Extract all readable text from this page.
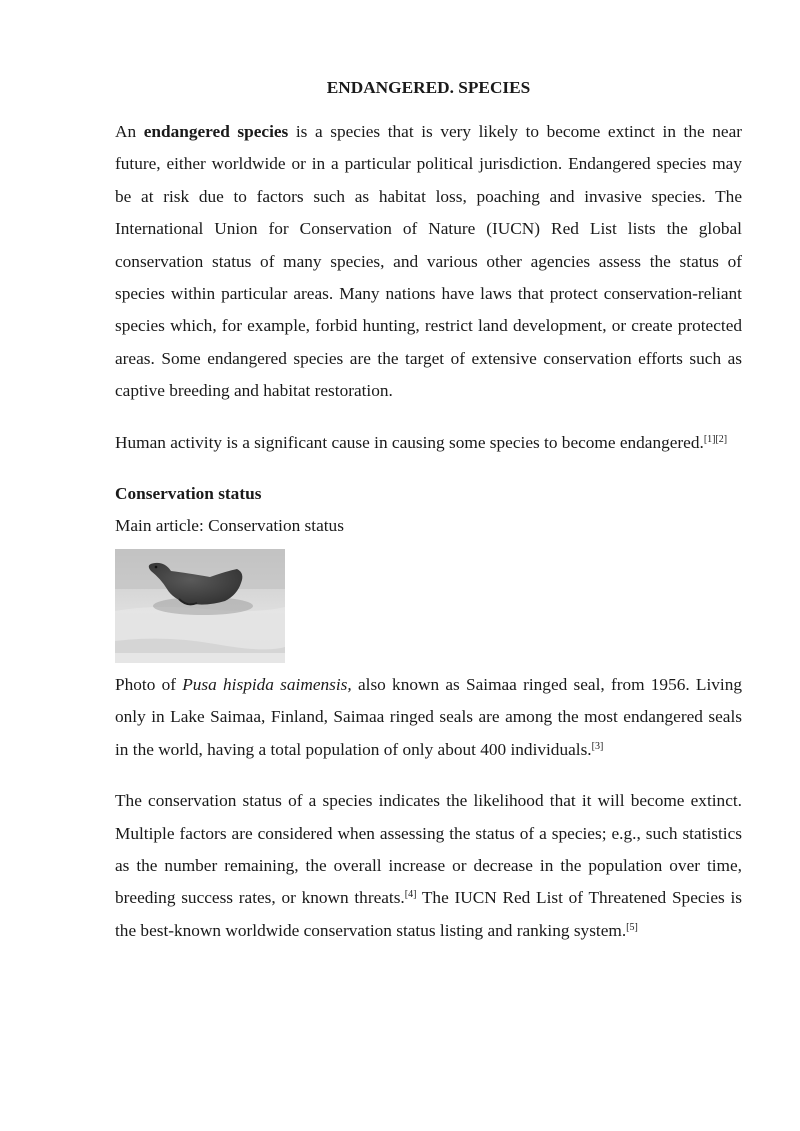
ENDANGERED. SPECIES

An endangered species is a species that is very likely to become extinct in the near future, either worldwide or in a particular political jurisdiction. Endangered species may be at risk due to factors such as habitat loss, poaching and invasive species. The International Union for Conservation of Nature (IUCN) Red List lists the global conservation status of many species, and various other agencies assess the status of species within particular areas. Many nations have laws that protect conservation-reliant species which, for example, forbid hunting, restrict land development, or create protected areas. Some endangered species are the target of extensive conservation efforts such as captive breeding and habitat restoration.

Human activity is a significant cause in causing some species to become endangered.[1][2]

Conservation status
Main article: Conservation status

Photo of Pusa hispida saimensis, also known as Saimaa ringed seal, from 1956. Living only in Lake Saimaa, Finland, Saimaa ringed seals are among the most endangered seals in the world, having a total population of only about 400 individuals.[3]

The conservation status of a species indicates the likelihood that it will become extinct. Multiple factors are considered when assessing the status of a species; e.g., such statistics as the number remaining, the overall increase or decrease in the population over time, breeding success rates, or known threats.[4] The IUCN Red List of Threatened Species is the best-known worldwide conservation status listing and ranking system.[5]
